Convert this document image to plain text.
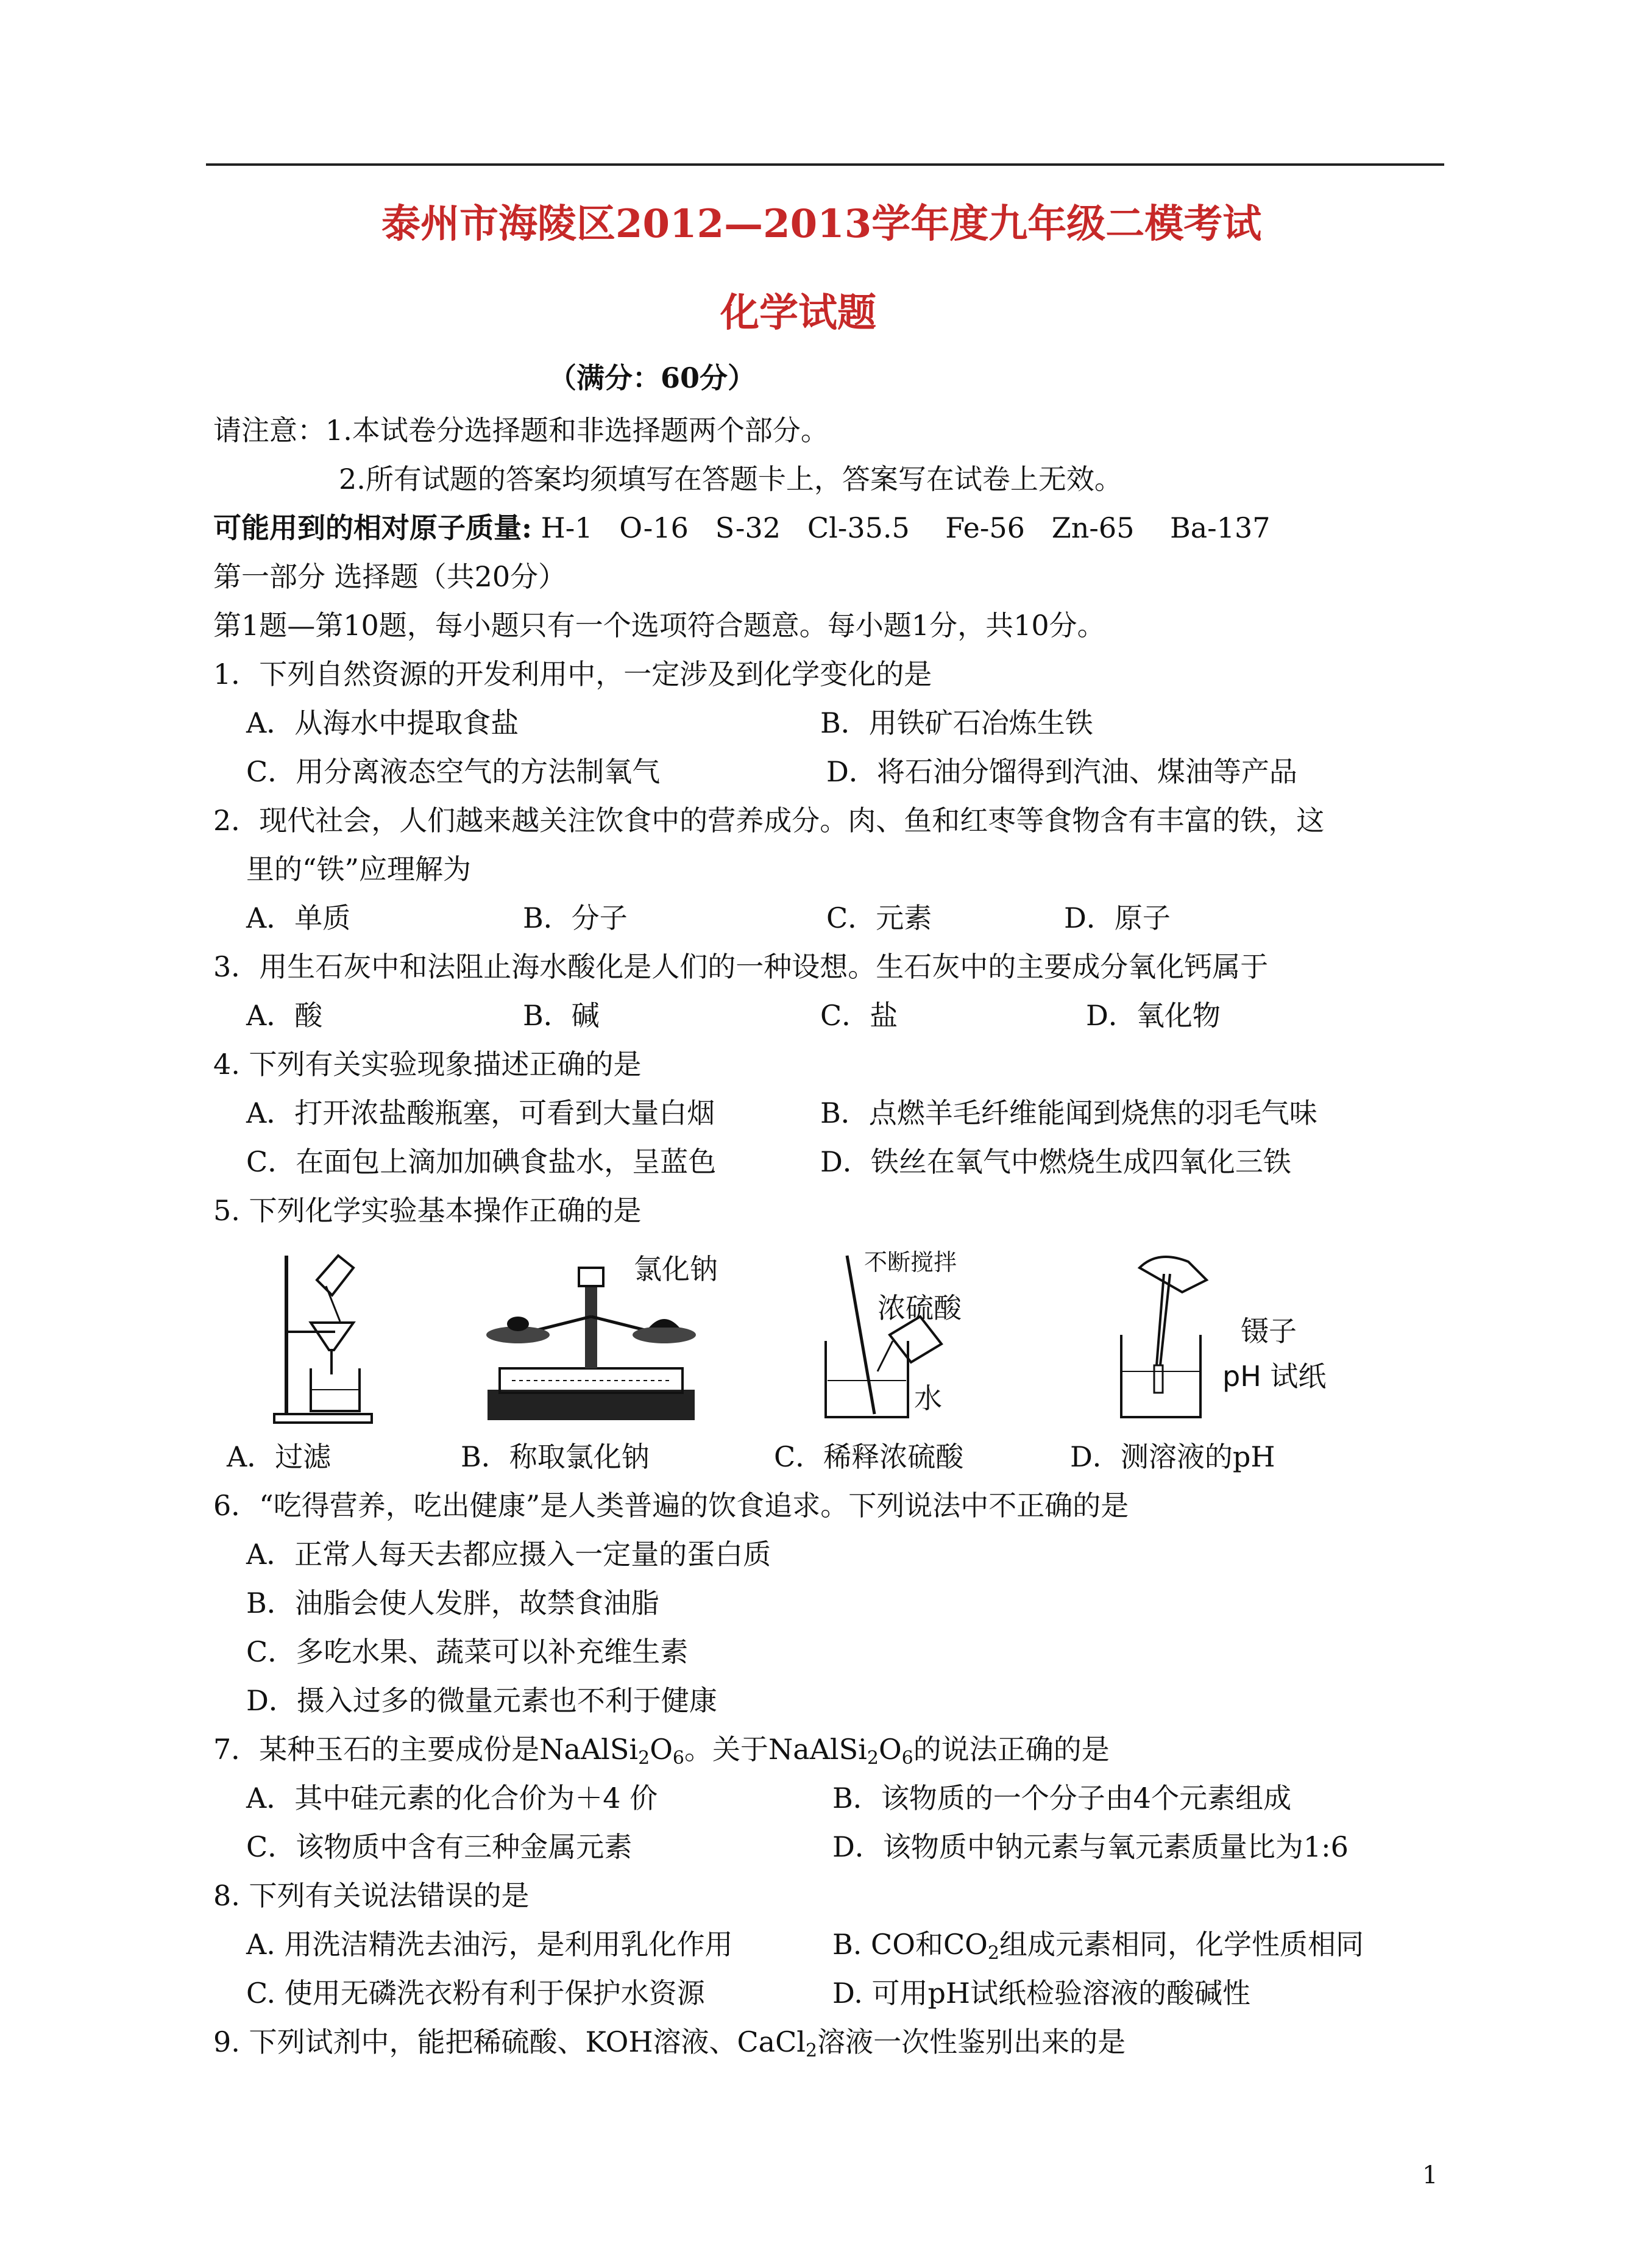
泰州市海陵区2012—2013学年度九年级二模考试
化学试题
（满分：60分）
请注意：1.本试卷分选择题和非选择题两个部分。
2.所有试题的答案均须填写在答题卡上，答案写在试卷上无效。
可能用到的相对原子质量: H-1   O-16   S-32   Cl-35.5    Fe-56   Zn-65    Ba-137
第一部分 选择题（共20分）
第1题—第10题，每小题只有一个选项符合题意。每小题1分，共10分。
1．下列自然资源的开发利用中，一定涉及到化学变化的是
A．从海水中提取食盐	B．用铁矿石冶炼生铁
C．用分离液态空气的方法制氧气	D．将石油分馏得到汽油、煤油等产品
2．现代社会，人们越来越关注饮食中的营养成分。肉、鱼和红枣等食物含有丰富的铁，这
里的“铁”应理解为
A．单质	B．分子	C．元素	D．原子
3．用生石灰中和法阻止海水酸化是人们的一种设想。生石灰中的主要成分氧化钙属于
A．酸	B．碱	C．盐	D．氧化物
4. 下列有关实验现象描述正确的是
A．打开浓盐酸瓶塞，可看到大量白烟	B．点燃羊毛纤维能闻到烧焦的羽毛气味
C．在面包上滴加加碘食盐水，呈蓝色	D．铁丝在氧气中燃烧生成四氧化三铁
5. 下列化学实验基本操作正确的是
氯化钠	不断搅拌
浓硫酸
水
镊子
pH 试纸
A．过滤	B．称取氯化钠	C．稀释浓硫酸	D．测溶液的pH
6．“吃得营养，吃出健康”是人类普遍的饮食追求。下列说法中不正确的是
A．正常人每天去都应摄入一定量的蛋白质
B．油脂会使人发胖，故禁食油脂
C．多吃水果、蔬菜可以补充维生素
D．摄入过多的微量元素也不利于健康
7．某种玉石的主要成份是$NaAlSi_2O_6$。关于$NaAlSi_2O_6$的说法正确的是
A．其中硅元素的化合价为＋4 价	B．该物质的一个分子由4个元素组成
C．该物质中含有三种金属元素	D．该物质中钠元素与氧元素质量比为1:6
8. 下列有关说法错误的是
A. 用洗洁精洗去油污，是利用乳化作用	B. CO和$CO_2$组成元素相同，化学性质相同
C. 使用无磷洗衣粉有利于保护水资源	D. 可用pH试纸检验溶液的酸碱性
9. 下列试剂中，能把稀硫酸、KOH溶液、CaCl$_2$溶液一次性鉴别出来的是
1
